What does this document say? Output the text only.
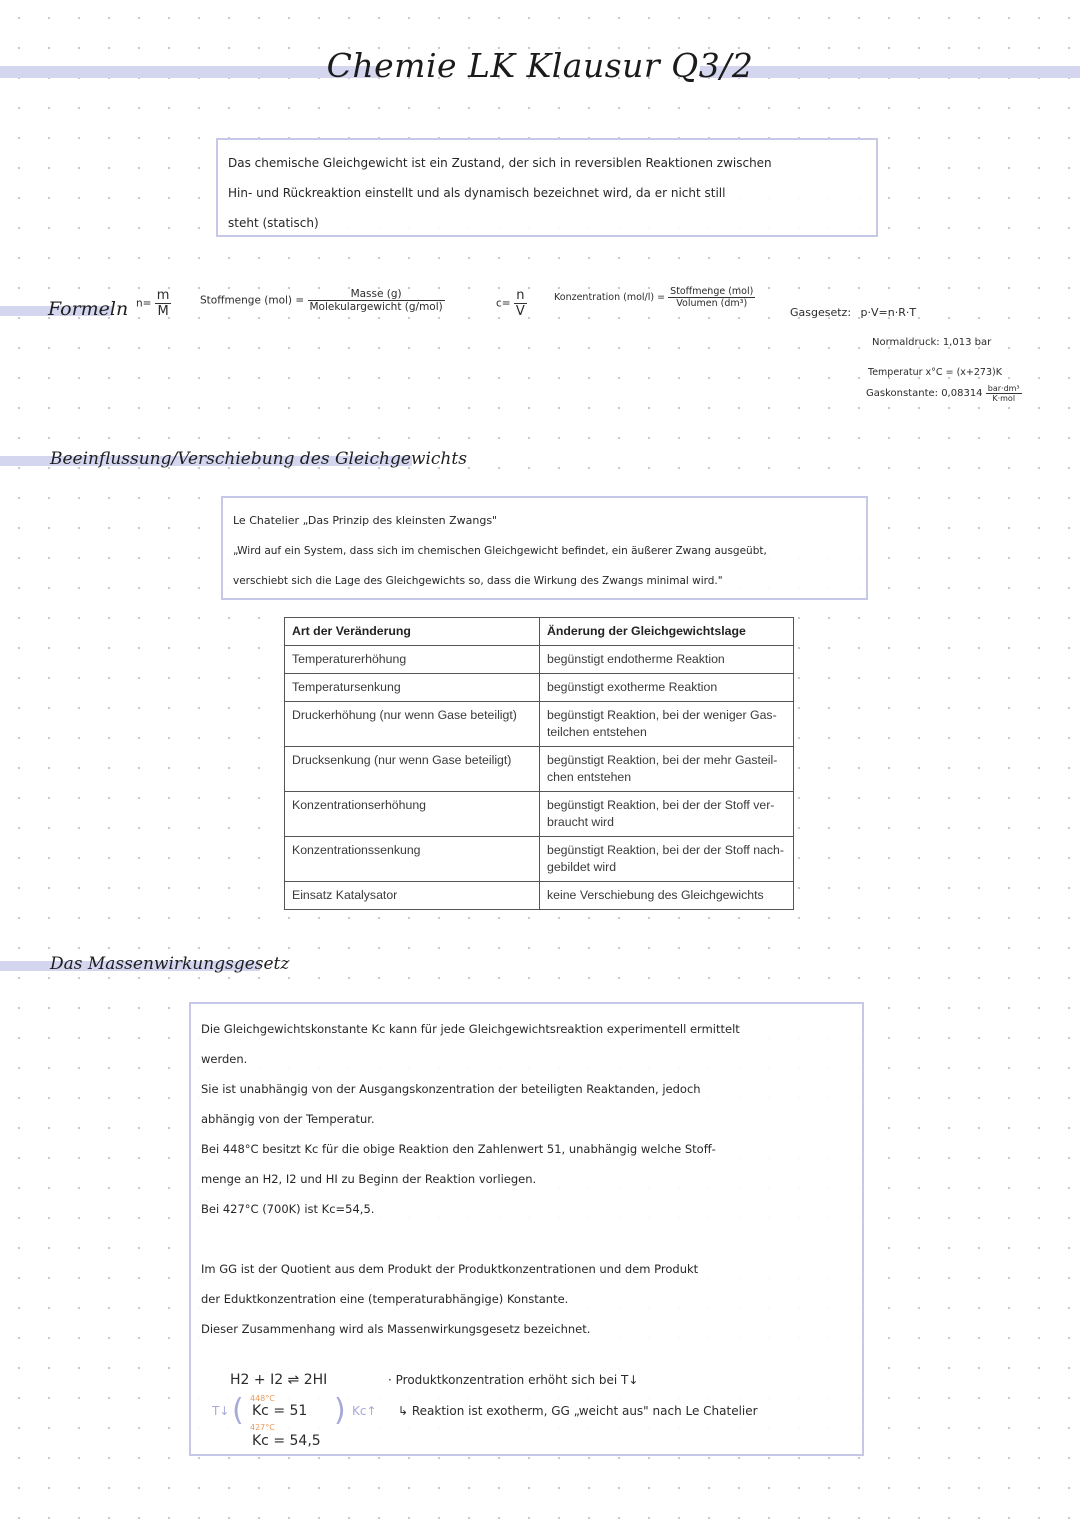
Chemie LK Klausur Q3/2
Das chemische Gleichgewicht ist ein Zustand, der sich in reversiblen Reaktionen zwischen
Hin- und Rückreaktion einstellt und als dynamisch bezeichnet wird, da er nicht still
steht (statisch)
Formeln $n= \frac{m}{M}$	Stoffmenge $(mol) = \frac{\text{Masse (g)}}{\text{Molekulargewicht (g/mol)}}$	$c= \frac{n}{V}$	Konzentration $(mol/l) = \frac{\text{Stoffmenge (mol)}}{\text{Volumen (dm³)}}$
Gasgesetz: p·V=n·R·T
Normaldruck: 1,013 bar
Temperatur x°C = (x+273)K
Gaskonstante: $0,08314 \frac{\text{bar·dm³}}{\text{K·mol}}$
Beeinflussung/Verschiebung des Gleichgewichts
Le Chatelier „Das Prinzip des kleinsten Zwangs"
„Wird auf ein System, dass sich im chemischen Gleichgewicht befindet, ein äußerer Zwang ausgeübt,
verschiebt sich die Lage des Gleichgewichts so, dass die Wirkung des Zwangs minimal wird."
Art der Veränderung	Änderung der Gleichgewichtslage
Temperaturerhöhung	begünstigt endotherme Reaktion
Temperatursenkung	begünstigt exotherme Reaktion
Druckerhöhung (nur wenn Gase beteiligt)	begünstigt Reaktion, bei der weniger Gas-teilchen entstehen
Drucksenkung (nur wenn Gase beteiligt)	begünstigt Reaktion, bei der mehr Gasteil-chen entstehen
Konzentrationserhöhung	begünstigt Reaktion, bei der der Stoff ver-braucht wird
Konzentrationssenkung	begünstigt Reaktion, bei der der Stoff nach-gebildet wird
Einsatz Katalysator	keine Verschiebung des Gleichgewichts
Das Massenwirkungsgesetz
Die Gleichgewichtskonstante Kc kann für jede Gleichgewichtsreaktion experimentell ermittelt
werden.
Sie ist unabhängig von der Ausgangskonzentration der beteiligten Reaktanden, jedoch
abhängig von der Temperatur.
Bei 448°C besitzt Kc für die obige Reaktion den Zahlenwert 51, unabhängig welche Stoff-
menge an H2, I2 und HI zu Beginn der Reaktion vorliegen.
Bei 427°C (700K) ist Kc=54,5.
Im GG ist der Quotient aus dem Produkt der Produktkonzentrationen und dem Produkt
der Eduktkonzentration eine (temperaturabhängige) Konstante.
Dieser Zusammenhang wird als Massenwirkungsgesetz bezeichnet.
H2 + I2 ⇌ 2HI
448°C
T↓ ( Kc = 51
427°C
Kc = 54,5
) Kc↑
· Produktkonzentration erhöht sich bei T↓
↳ Reaktion ist exotherm, GG „weicht aus" nach Le Chatelier
